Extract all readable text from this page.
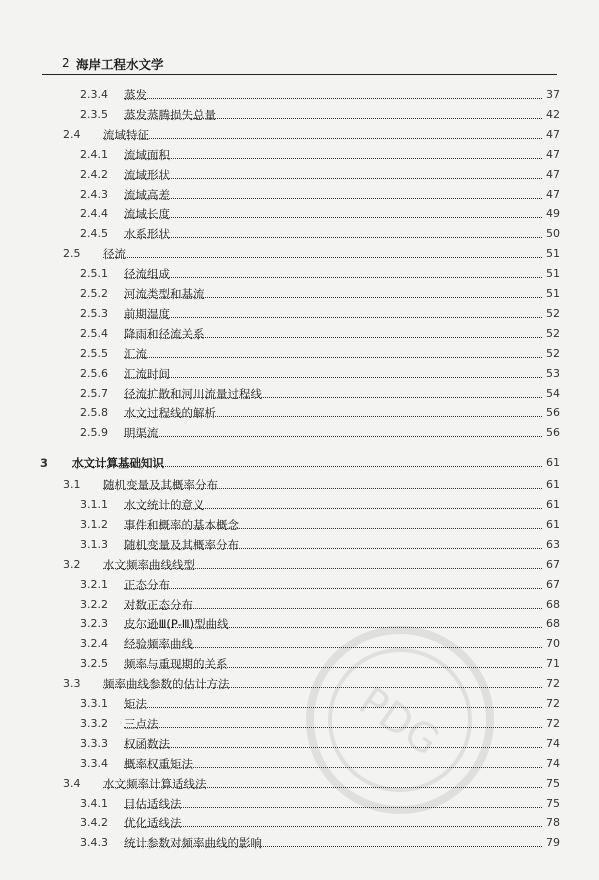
2 海岸工程水文学
2.3.4 蒸发	37
2.3.5 蒸发蒸腾损失总量	42
2.4 流域特征	47
2.4.1 流域面积	47
2.4.2 流域形状	47
2.4.3 流域高差	47
2.4.4 流域长度	49
2.4.5 水系形状	50
2.5 径流	51
2.5.1 径流组成	51
2.5.2 河流类型和基流	51
2.5.3 前期湿度	52
2.5.4 降雨和径流关系	52
2.5.5 汇流	52
2.5.6 汇流时间	53
2.5.7 径流扩散和河川流量过程线	54
2.5.8 水文过程线的解析	56
2.5.9 明渠流	56
3 水文计算基础知识	61
3.1 随机变量及其概率分布	61
3.1.1 水文统计的意义	61
3.1.2 事件和概率的基本概念	61
3.1.3 随机变量及其概率分布	63
3.2 水文频率曲线线型	67
3.2.1 正态分布	67
3.2.2 对数正态分布	68
3.2.3 皮尔逊Ⅲ(P-Ⅲ)型曲线	68
3.2.4 经验频率曲线	70
3.2.5 频率与重现期的关系	71
3.3 频率曲线参数的估计方法	72
3.3.1 矩法	72
3.3.2 三点法	72
3.3.3 权函数法	74
3.3.4 概率权重矩法	74
3.4 水文频率计算适线法	75
3.4.1 目估适线法	75
3.4.2 优化适线法	78
3.4.3 统计参数对频率曲线的影响	79
PDG
